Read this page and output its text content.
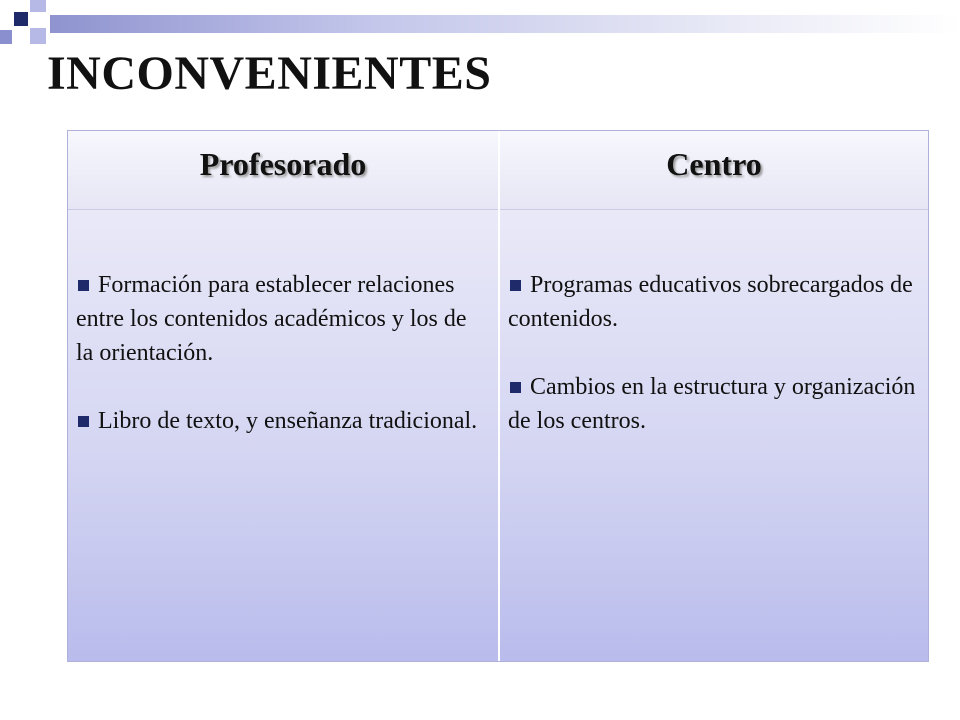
INCONVENIENTES
Profesorado
Formación para establecer relaciones entre los contenidos académicos y los de la orientación.
Libro de texto, y enseñanza tradicional.
Centro
Programas educativos sobrecargados de contenidos.
Cambios en la estructura y organización de los centros.
